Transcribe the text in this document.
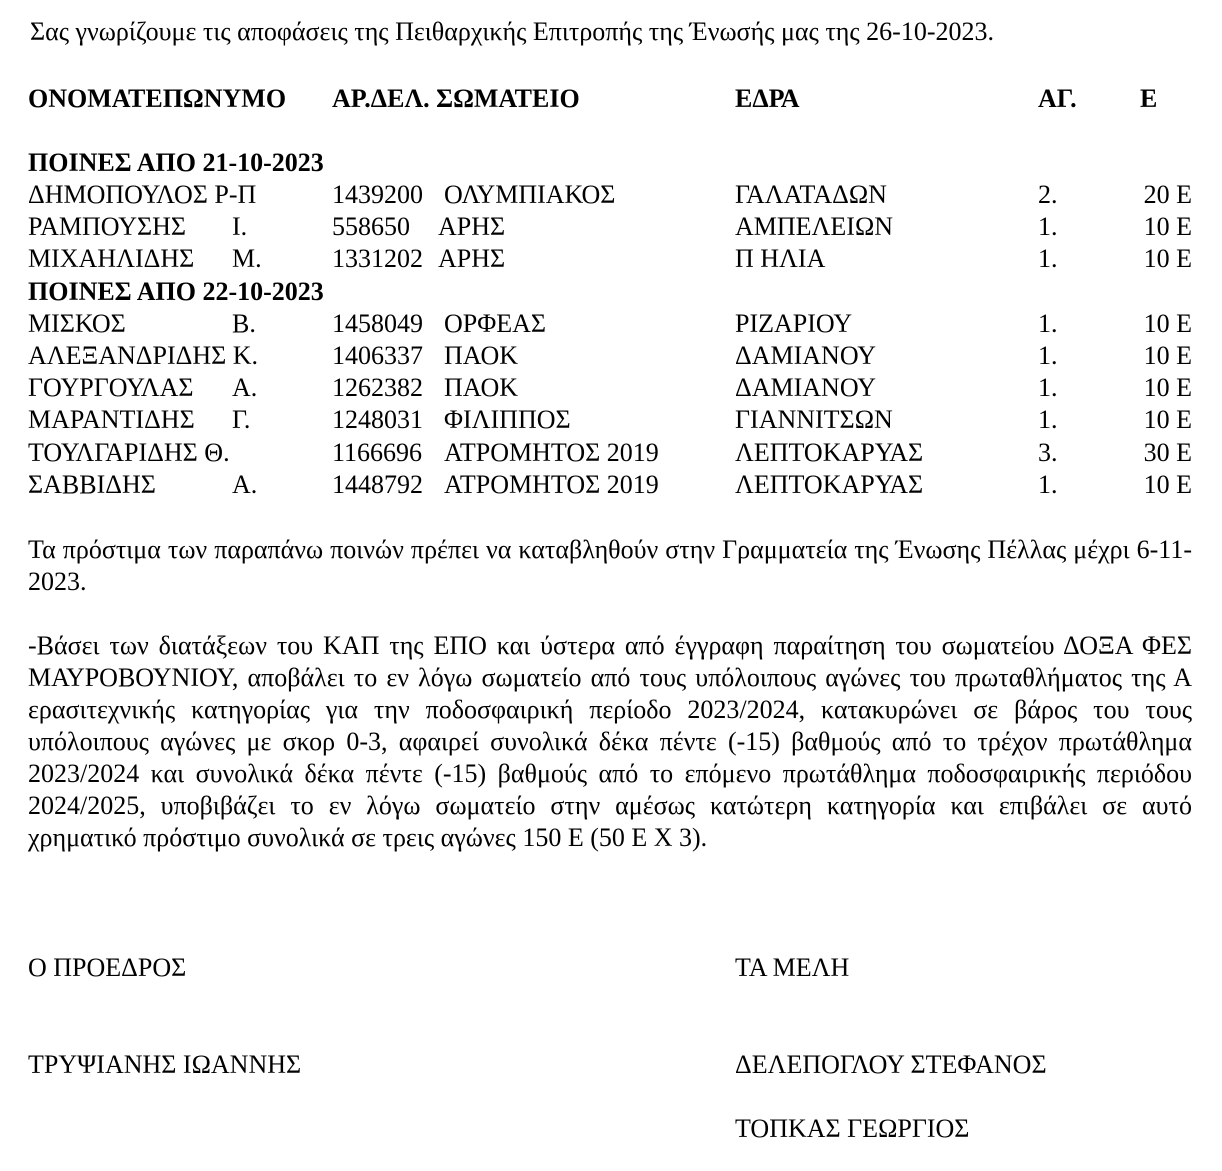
Σας γνωρίζουμε τις αποφάσεις της Πειθαρχικής Επιτροπής της Ένωσής μας της 26-10-2023.
ΟΝΟΜΑΤΕΠΩΝΥΜΟ ΑΡ.ΔΕΛ. ΣΩΜΑΤΕΙΟ	ΕΔΡΑ	ΑΓ. Ε
ΠΟΙΝΕΣ ΑΠΟ 21-10-2023
ΔΗΜΟΠΟΥΛΟΣ Ρ-Π	1439200 ΟΛΥΜΠΙΑΚΟΣ	ΓΑΛΑΤΑΔΩΝ	2.	20 Ε
ΡΑΜΠΟΥΣΗΣ Ι.	558650 ΑΡΗΣ	ΑΜΠΕΛΕΙΩΝ	1.	10 Ε
ΜΙΧΑΗΛΙΔΗΣ Μ.	1331202 ΑΡΗΣ	Π ΗΛΙΑ	1.	10 Ε
ΠΟΙΝΕΣ ΑΠΟ 22-10-2023
ΜΙΣΚΟΣ	Β.	1458049 ΟΡΦΕΑΣ	ΡΙΖΑΡΙΟΥ	1.	10 Ε
ΑΛΕΞΑΝΔΡΙΔΗΣ Κ.	1406337 ΠΑΟΚ	ΔΑΜΙΑΝΟΥ	1.	10 Ε
ΓΟΥΡΓΟΥΛΑΣ Α.	1262382 ΠΑΟΚ	ΔΑΜΙΑΝΟΥ	1.	10 Ε
ΜΑΡΑΝΤΙΔΗΣ Γ.	1248031 ΦΙΛΙΠΠΟΣ	ΓΙΑΝΝΙΤΣΩΝ	1.	10 Ε
ΤΟΥΛΓΑΡΙΔΗΣ Θ.	1166696 ΑΤΡΟΜΗΤΟΣ 2019	ΛΕΠΤΟΚΑΡΥΑΣ	3.	30 Ε
ΣΑΒΒΙΔΗΣ	Α.	1448792 ΑΤΡΟΜΗΤΟΣ 2019	ΛΕΠΤΟΚΑΡΥΑΣ	1.	10 Ε
Τα πρόστιμα των παραπάνω ποινών πρέπει να καταβληθούν στην Γραμματεία της Ένωσης Πέλλας μέχρι 6-11-2023.
-Βάσει των διατάξεων του ΚΑΠ της ΕΠΟ και ύστερα από έγγραφη παραίτηση του σωματείου ΔΟΞΑ ΦΕΣ ΜΑΥΡΟΒΟΥΝΙΟΥ, αποβάλει το εν λόγω σωματείο από τους υπόλοιπους αγώνες του πρωταθλήματος της Α ερασιτεχνικής κατηγορίας για την ποδοσφαιρική περίοδο 2023/2024, κατακυρώνει σε βάρος του τους υπόλοιπους αγώνες με σκορ 0-3, αφαιρεί συνολικά δέκα πέντε (-15) βαθμούς από το τρέχον πρωτάθλημα 2023/2024 και συνολικά δέκα πέντε (-15) βαθμούς από το επόμενο πρωτάθλημα ποδοσφαιρικής περιόδου 2024/2025, υποβιβάζει το εν λόγω σωματείο στην αμέσως κατώτερη κατηγορία και επιβάλει σε αυτό χρηματικό πρόστιμο συνολικά σε τρεις αγώνες 150 Ε (50 Ε Χ 3).
Ο ΠΡΟΕΔΡΟΣ	ΤΑ ΜΕΛΗ
ΤΡΥΨΙΑΝΗΣ ΙΩΑΝΝΗΣ	ΔΕΛΕΠΟΓΛΟΥ ΣΤΕΦΑΝΟΣ
ΤΟΠΚΑΣ ΓΕΩΡΓΙΟΣ
